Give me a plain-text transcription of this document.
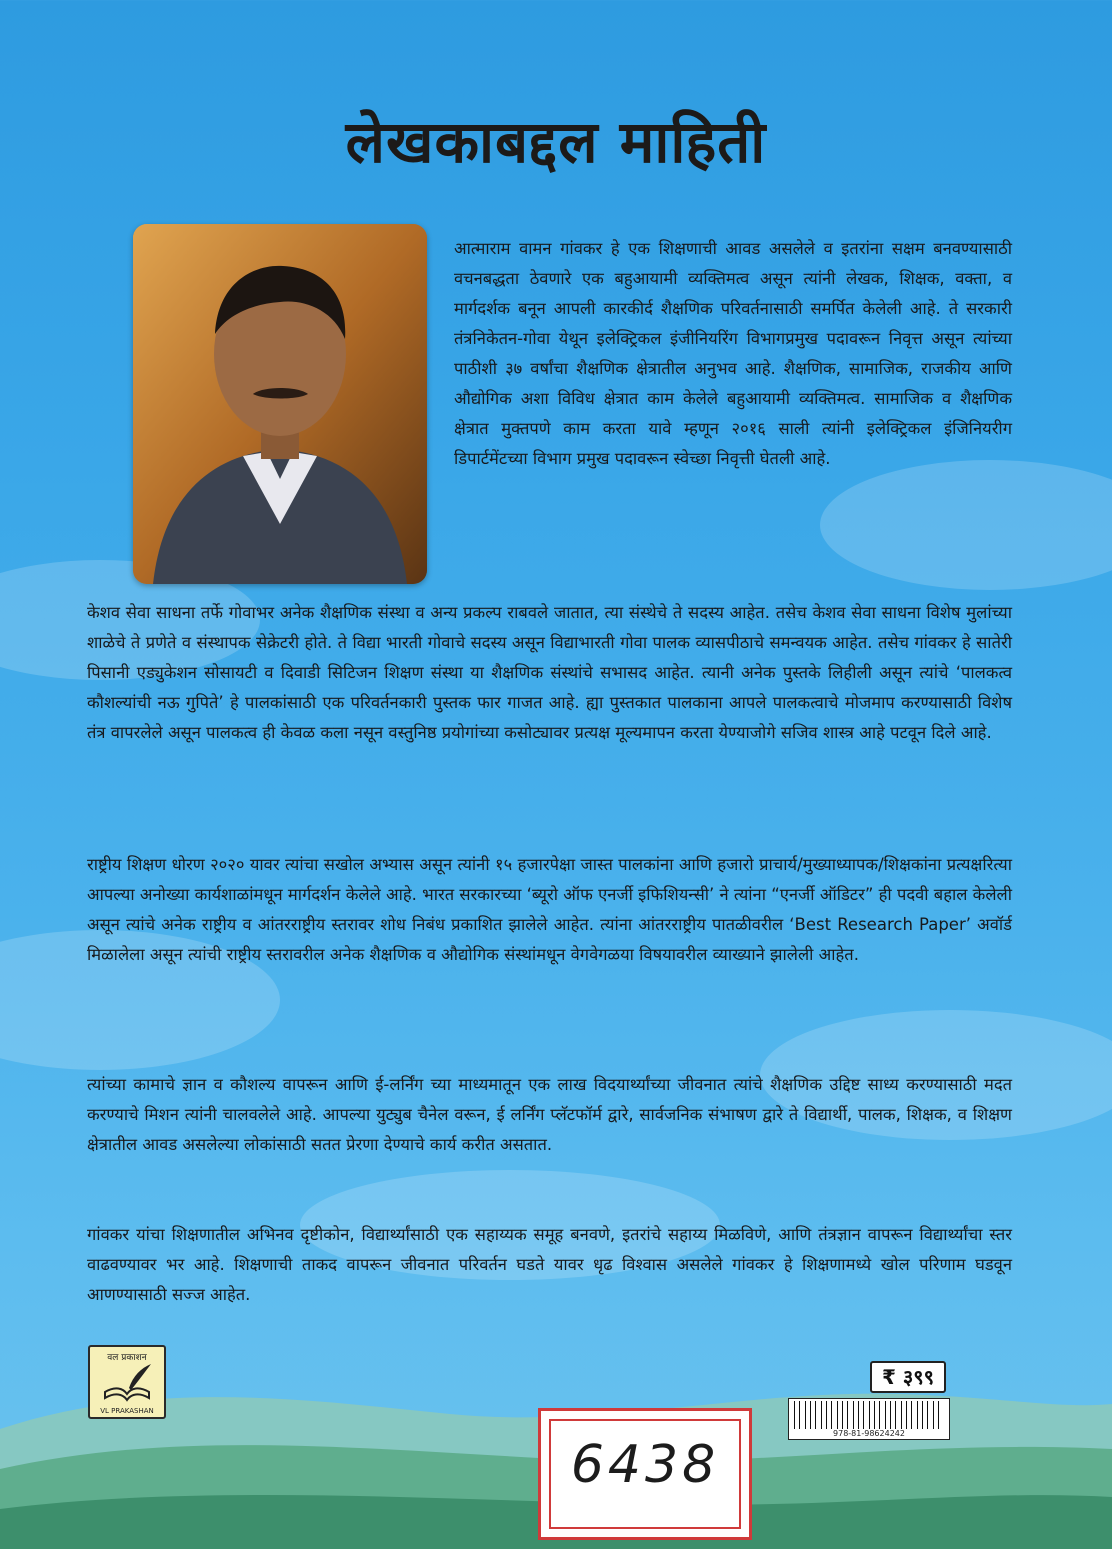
लेखकाबद्दल माहिती
आत्माराम वामन गांवकर हे एक शिक्षणाची आवड असलेले व इतरांना सक्षम बनवण्यासाठी वचनबद्धता ठेवणारे एक बहुआयामी व्यक्तिमत्व असून त्यांनी लेखक, शिक्षक, वक्ता, व मार्गदर्शक बनून आपली कारकीर्द शैक्षणिक परिवर्तनासाठी समर्पित केलेली आहे. ते सरकारी तंत्रनिकेतन-गोवा येथून इलेक्ट्रिकल इंजीनियरिंग विभागप्रमुख पदावरून निवृत्त असून त्यांच्या पाठीशी ३७ वर्षांचा शैक्षणिक क्षेत्रातील अनुभव आहे. शैक्षणिक, सामाजिक, राजकीय आणि औद्योगिक अशा विविध क्षेत्रात काम केलेले बहुआयामी व्यक्तिमत्व. सामाजिक व शैक्षणिक क्षेत्रात मुक्तपणे काम करता यावे म्हणून २०१६ साली त्यांनी इलेक्ट्रिकल इंजिनियरीग डिपार्टमेंटच्या विभाग प्रमुख पदावरून स्वेच्छा निवृत्ती घेतली आहे.
केशव सेवा साधना तर्फे गोवाभर अनेक शैक्षणिक संस्था व अन्य प्रकल्प राबवले जातात, त्या संस्थेचे ते सदस्य आहेत. तसेच केशव सेवा साधना विशेष मुलांच्या शाळेचे ते प्रणेते व संस्थापक सेक्रेटरी होते. ते विद्या भारती गोवाचे सदस्य असून विद्याभारती गोवा पालक व्यासपीठाचे समन्वयक आहेत. तसेच गांवकर हे सातेरी पिसानी एड्युकेशन सोसायटी व दिवाडी सिटिजन शिक्षण संस्था या शैक्षणिक संस्थांचे सभासद आहेत. त्यानी अनेक पुस्तके लिहीली असून त्यांचे ‘पालकत्व कौशल्यांची नऊ गुपिते’ हे पालकांसाठी एक परिवर्तनकारी पुस्तक फार गाजत आहे. ह्या पुस्तकात पालकाना आपले पालकत्वाचे मोजमाप करण्यासाठी विशेष तंत्र वापरलेले असून पालकत्व ही केवळ कला नसून वस्तुनिष्ठ प्रयोगांच्या कसोट्यावर प्रत्यक्ष मूल्यमापन करता येण्याजोगे सजिव शास्त्र आहे पटवून दिले आहे.
राष्ट्रीय शिक्षण धोरण २०२० यावर त्यांचा सखोल अभ्यास असून त्यांनी १५ हजारपेक्षा जास्त पालकांना आणि हजारो प्राचार्य/मुख्याध्यापक/शिक्षकांना प्रत्यक्षरित्या आपल्या अनोख्या कार्यशाळांमधून मार्गदर्शन केलेले आहे. भारत सरकारच्या ‘ब्यूरो ऑफ एनर्जी इफिशियन्सी’ ने त्यांना “एनर्जी ऑडिटर” ही पदवी बहाल केलेली असून त्यांचे अनेक राष्ट्रीय व आंतरराष्ट्रीय स्तरावर शोध निबंध प्रकाशित झालेले आहेत. त्यांना आंतरराष्ट्रीय पातळीवरील ‘Best Research Paper’ अवॉर्ड मिळालेला असून त्यांची राष्ट्रीय स्तरावरील अनेक शैक्षणिक व औद्योगिक संस्थांमधून वेगवेगळया विषयावरील व्याख्याने झालेली आहेत.
त्यांच्या कामाचे ज्ञान व कौशल्य वापरून आणि ई-लर्निंग च्या माध्यमातून एक लाख विदयार्थ्यांच्या जीवनात त्यांचे शैक्षणिक उद्दिष्ट साध्य करण्यासाठी मदत करण्याचे मिशन त्यांनी चालवलेले आहे. आपल्या युट्युब चैनेल वरून, ई लर्निंग प्लॅटफॉर्म द्वारे, सार्वजनिक संभाषण द्वारे ते विद्यार्थी, पालक, शिक्षक, व शिक्षण क्षेत्रातील आवड असलेल्या लोकांसाठी सतत प्रेरणा देण्याचे कार्य करीत असतात.
गांवकर यांचा शिक्षणातील अभिनव दृष्टीकोन, विद्यार्थ्यांसाठी एक सहाय्यक समूह बनवणे, इतरांचे सहाय्य मिळविणे, आणि तंत्रज्ञान वापरून विद्यार्थ्यांचा स्तर वाढवण्यावर भर आहे. शिक्षणाची ताकद वापरून जीवनात परिवर्तन घडते यावर धृढ विश्वास असलेले गांवकर हे शिक्षणामध्ये खोल परिणाम घडवून आणण्यासाठी सज्ज आहेत.
वल प्रकाशन
VL PRAKASHAN
₹ ३९९
978-81-98624242
6438
